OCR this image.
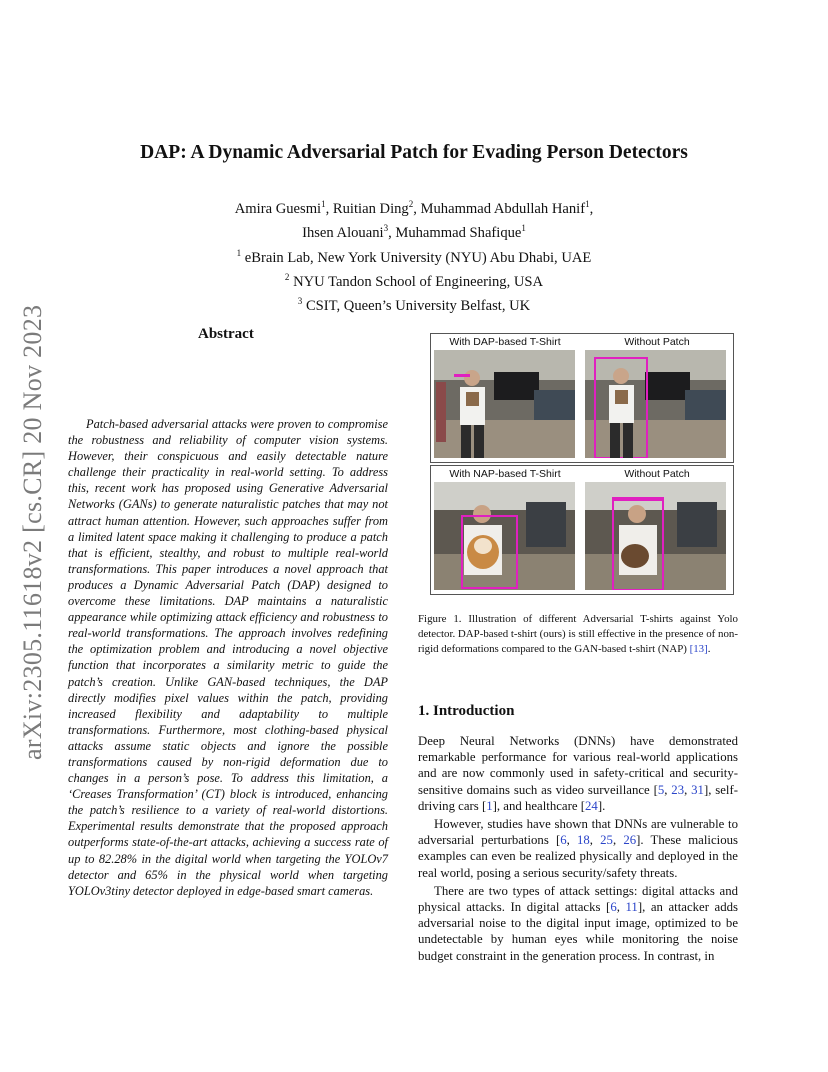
DAP: A Dynamic Adversarial Patch for Evading Person Detectors
Amira Guesmi$^1$, Ruitian Ding$^2$, Muhammad Abdullah Hanif$^1$,
Ihsen Alouani$^3$, Muhammad Shafique$^1$
$^1$ eBrain Lab, New York University (NYU) Abu Dhabi, UAE
$^2$ NYU Tandon School of Engineering, USA
$^3$ CSIT, Queen’s University Belfast, UK
arXiv:2305.11618v2 [cs.CR] 20 Nov 2023	Abstract
Patch-based adversarial attacks were proven to compromise the robustness and reliability of computer vision systems. However, their conspicuous and easily detectable nature challenge their practicality in real-world setting. To address this, recent work has proposed using Generative Adversarial Networks (GANs) to generate naturalistic patches that may not attract human attention. However, such approaches suffer from a limited latent space making it challenging to produce a patch that is efficient, stealthy, and robust to multiple real-world transformations. This paper introduces a novel approach that produces a Dynamic Adversarial Patch (DAP) designed to overcome these limitations. DAP maintains a naturalistic appearance while optimizing attack efficiency and robustness to real-world transformations. The approach involves redefining the optimization problem and introducing a novel objective function that incorporates a similarity metric to guide the patch’s creation. Unlike GAN-based techniques, the DAP directly modifies pixel values within the patch, providing increased flexibility and adaptability to multiple transformations. Furthermore, most clothing-based physical attacks assume static objects and ignore the possible transformations caused by non-rigid deformation due to changes in a person’s pose. To address this limitation, a ‘Creases Transformation’ (CT) block is introduced, enhancing the patch’s resilience to a variety of real-world distortions. Experimental results demonstrate that the proposed approach outperforms state-of-the-art attacks, achieving a success rate of up to 82.28% in the digital world when targeting the YOLOv7 detector and 65% in the physical world when targeting YOLOv3tiny detector deployed in edge-based smart cameras.
With DAP-based T-Shirt	Without Patch
With NAP-based T-Shirt	Without Patch
Figure 1. Illustration of different Adversarial T-shirts against Yolo detector. DAP-based t-shirt (ours) is still effective in the presence of non-rigid deformations compared to the GAN-based t-shirt (NAP) [13].
1. Introduction

Deep Neural Networks (DNNs) have demonstrated remarkable performance for various real-world applications and are now commonly used in safety-critical and security-sensitive domains such as video surveillance [5, 23, 31], self-driving cars [1], and healthcare [24].

However, studies have shown that DNNs are vulnerable to adversarial perturbations [6, 18, 25, 26]. These malicious examples can even be realized physically and deployed in the real world, posing a serious security/safety threats.

There are two types of attack settings: digital attacks and physical attacks. In digital attacks [6, 11], an attacker adds adversarial noise to the digital input image, optimized to be undetectable by human eyes while monitoring the noise budget constraint in the generation process. In contrast, in
